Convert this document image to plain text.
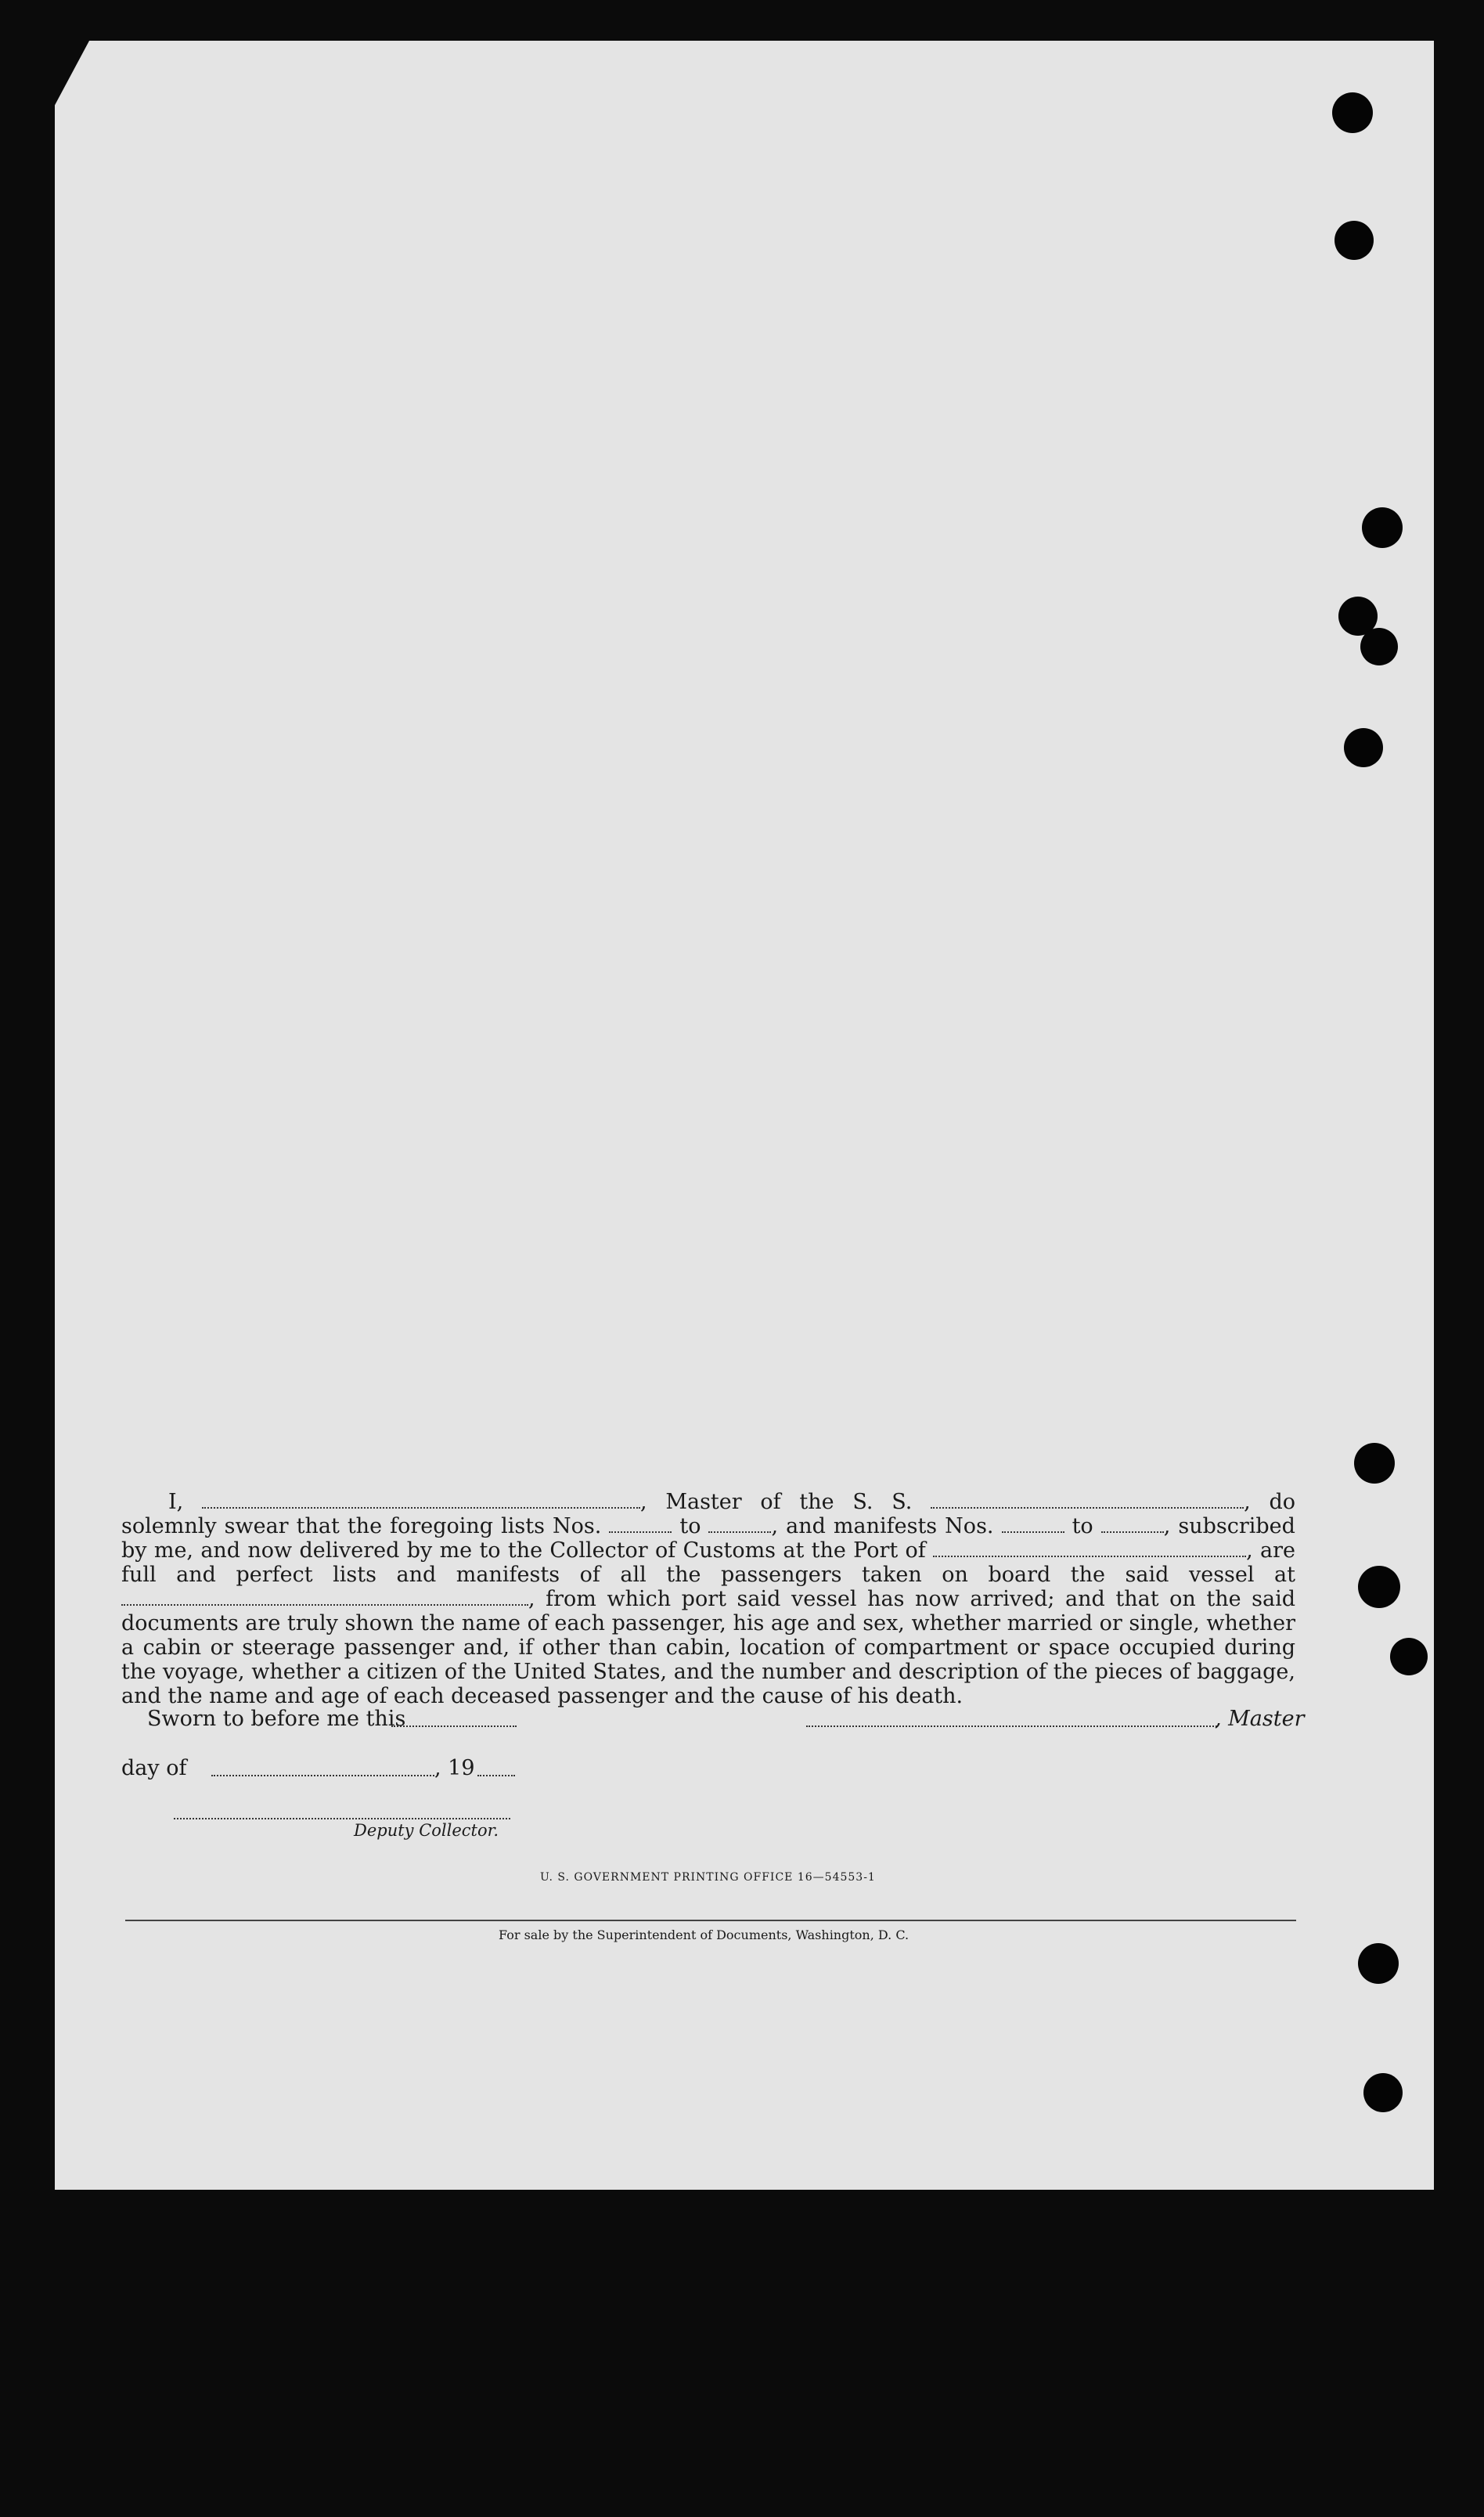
I,	, Master of the S. S.	, do solemnly swear that the foregoing lists Nos.	to	, and manifests Nos.	to	, subscribed by me, and now delivered by me to the Collector of Customs at the Port of	, are full and perfect lists and manifests of all the passengers taken on board the said vessel at , from which port said vessel has now arrived; and that on the said documents are truly shown the name of each passenger, his age and sex, whether married or single, whether a cabin or steerage passenger and, if other than cabin, location of compartment or space occupied during the voyage, whether a citizen of the United States, and the number and description of the pieces of baggage, and the name and age of each deceased passenger and the cause of his death.
Sworn to before me this	, Master
day of	, 19
Deputy Collector.
U. S. GOVERNMENT PRINTING OFFICE 16—54553-1
For sale by the Superintendent of Documents, Washington, D. C.
